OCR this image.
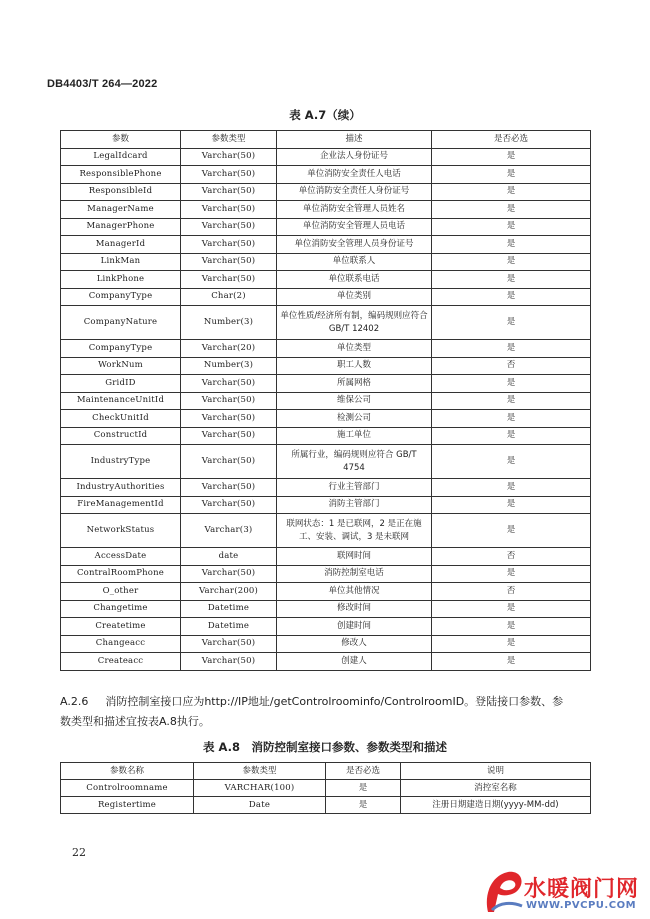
DB4403/T 264—2022
表 A.7（续）
参数	参数类型	描述	是否必选
LegalIdcard	Varchar(50)	企业法人身份证号	是
ResponsiblePhone	Varchar(50)	单位消防安全责任人电话	是
ResponsibleId	Varchar(50)	单位消防安全责任人身份证号	是
ManagerName	Varchar(50)	单位消防安全管理人员姓名	是
ManagerPhone	Varchar(50)	单位消防安全管理人员电话	是
ManagerId	Varchar(50)	单位消防安全管理人员身份证号	是
LinkMan	Varchar(50)	单位联系人	是
LinkPhone	Varchar(50)	单位联系电话	是
CompanyType	Char(2)	单位类别	是
CompanyNature	Number(3)	单位性质/经济所有制，编码规则应符合 GB/T 12402	是
CompanyType	Varchar(20)	单位类型	是
WorkNum	Number(3)	职工人数	否
GridID	Varchar(50)	所属网格	是
MaintenanceUnitId	Varchar(50)	维保公司	是
CheckUnitId	Varchar(50)	检测公司	是
ConstructId	Varchar(50)	施工单位	是
IndustryType	Varchar(50)	所属行业，编码规则应符合 GB/T 4754	是
IndustryAuthorities	Varchar(50)	行业主管部门	是
FireManagementId	Varchar(50)	消防主管部门	是
NetworkStatus	Varchar(3)	联网状态：1 是已联网，2 是正在施工、安装、调试，3 是未联网	是
AccessDate	date	联网时间	否
ContralRoomPhone	Varchar(50)	消防控制室电话	是
O_other	Varchar(200)	单位其他情况	否
Changetime	Datetime	修改时间	是
Createtime	Datetime	创建时间	是
Changeacc	Varchar(50)	修改人	是
Createacc	Varchar(50)	创建人	是
A.2.6 消防控制室接口应为http://IP地址/getControlroominfo/ControlroomID。登陆接口参数、参
数类型和描述宜按表A.8执行。
表 A.8　消防控制室接口参数、参数类型和描述
参数名称	参数类型	是否必选	说明
Controlroomname	VARCHAR(100)	是	消控室名称
Registertime	Date	是	注册日期建造日期(yyyy-MM-dd)
22
水暖阀门网
WWW.PVCPU.COM
